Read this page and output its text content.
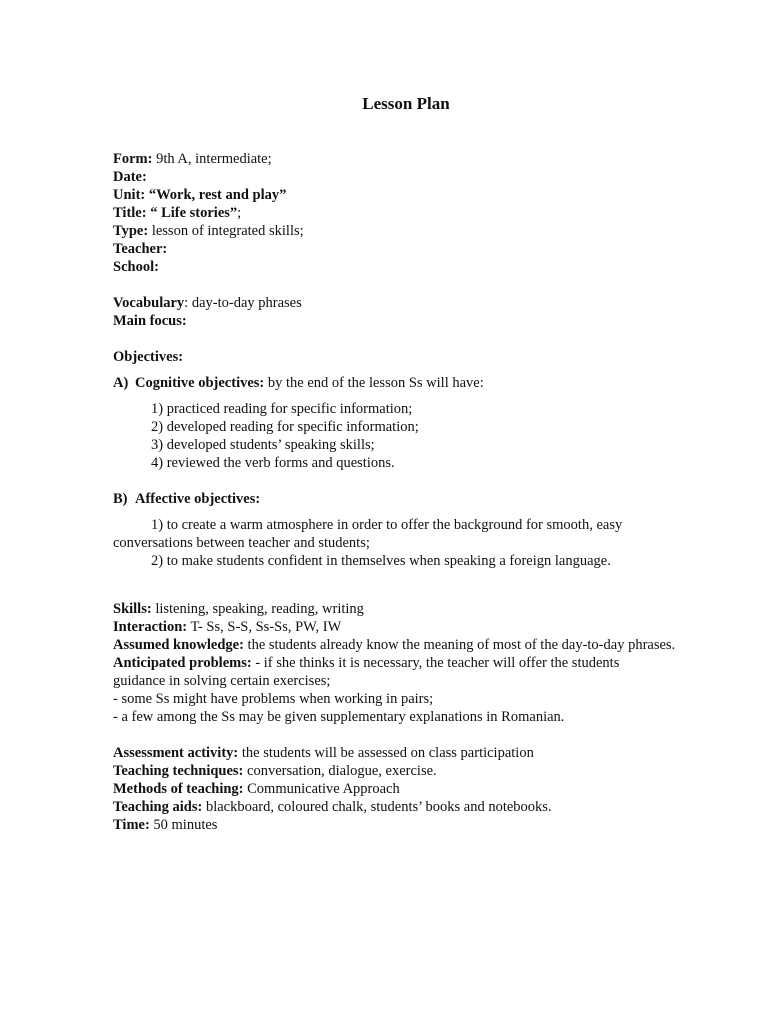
Lesson Plan
Form: 9th A, intermediate;
Date:
Unit: “Work, rest and play”
Title: “ Life stories”;
Type: lesson of integrated skills;
Teacher:
School:
Vocabulary: day-to-day phrases
Main focus:
Objectives:
A) Cognitive objectives: by the end of the lesson Ss will have:
1) practiced reading for specific information;
2) developed reading for specific information;
3) developed students’ speaking skills;
4) reviewed the verb forms and questions.
B) Affective objectives:
1) to create a warm atmosphere in order to offer the background for smooth, easy conversations between teacher and students;
2) to make students confident in themselves when speaking a foreign language.
Skills: listening, speaking, reading, writing
Interaction: T- Ss, S-S, Ss-Ss, PW, IW
Assumed knowledge: the students already know the meaning of most of the day-to-day phrases.
Anticipated problems: - if she thinks it is necessary, the teacher will offer the students guidance in solving certain exercises;
- some Ss might have problems when working in pairs;
- a few among the Ss may be given supplementary explanations in Romanian.
Assessment activity: the students will be assessed on class participation
Teaching techniques: conversation, dialogue, exercise.
Methods of teaching: Communicative Approach
Teaching aids: blackboard, coloured chalk, students’ books and notebooks.
Time: 50 minutes
